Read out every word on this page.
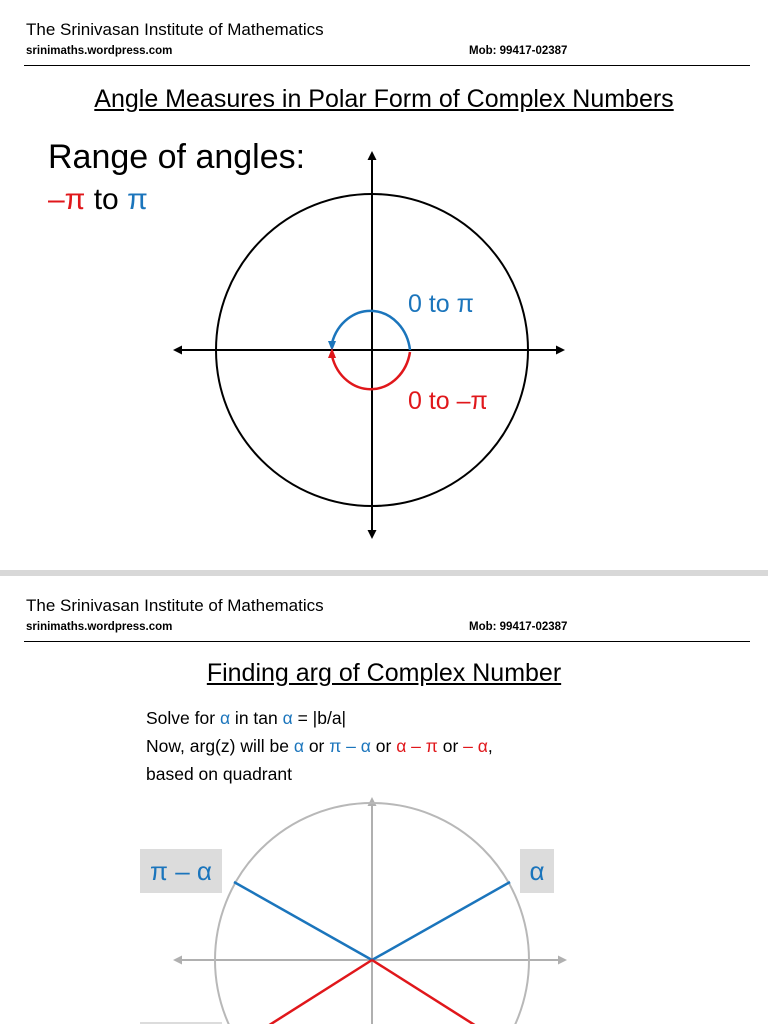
The Srinivasan Institute of Mathematics
srinimaths.wordpress.com	Mob: 99417-02387
Angle Measures in Polar Form of Complex Numbers
Range of angles:
–π to π
0 to π
0 to –π
The Srinivasan Institute of Mathematics
srinimaths.wordpress.com	Mob: 99417-02387
Finding arg of Complex Number
Solve for α in tan α = |b/a|
Now, arg(z) will be α or π – α or α – π or – α,
based on quadrant
π – α	α
